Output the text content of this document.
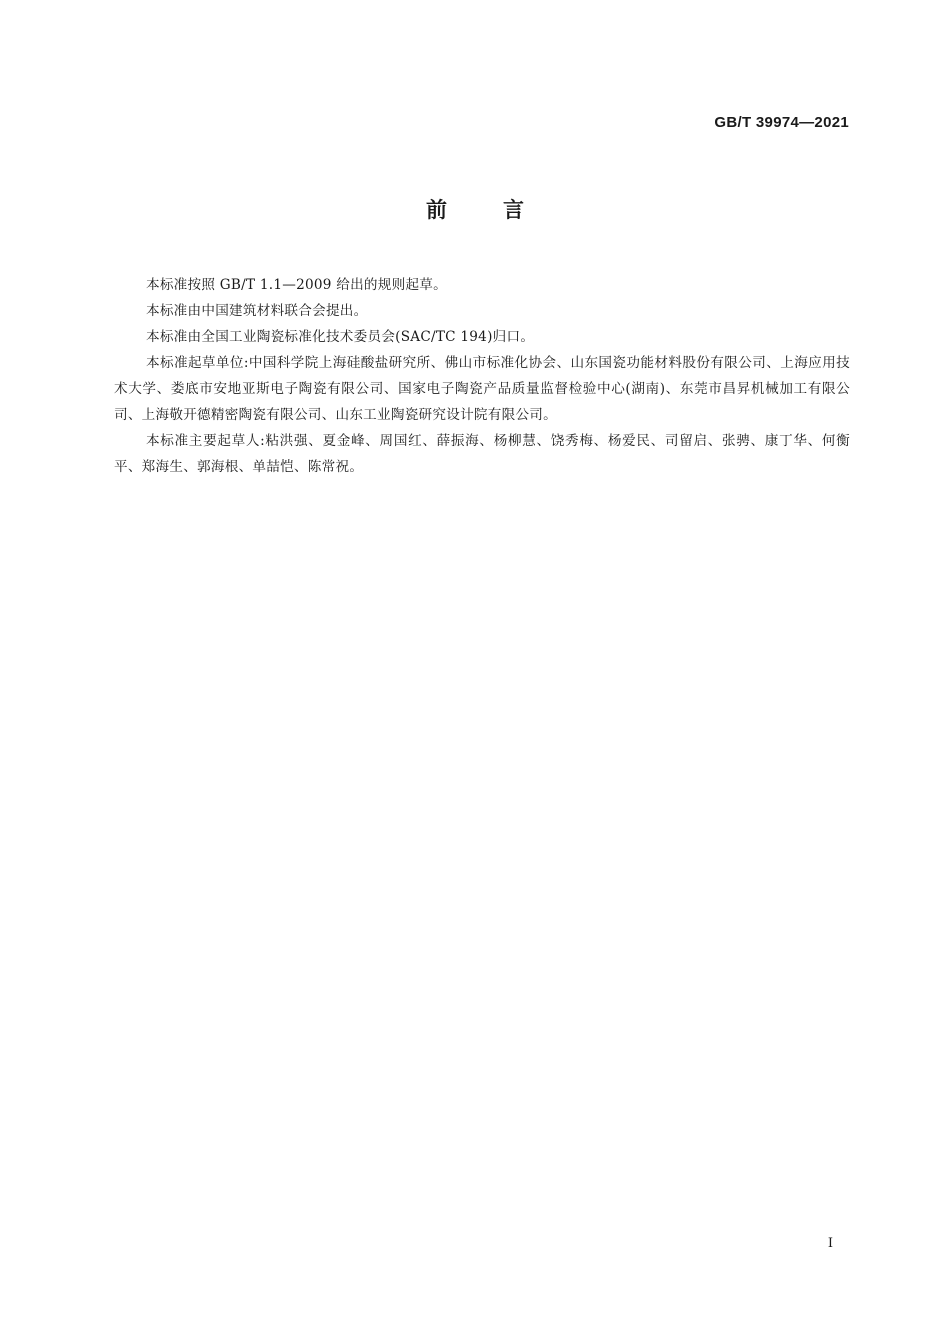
GB/T 39974—2021
前	言

本标准按照 GB/T 1.1—2009 给出的规则起草。

本标准由中国建筑材料联合会提出。

本标准由全国工业陶瓷标准化技术委员会(SAC/TC 194)归口。

本标准起草单位:中国科学院上海硅酸盐研究所、佛山市标准化协会、山东国瓷功能材料股份有限公司、上海应用技术大学、娄底市安地亚斯电子陶瓷有限公司、国家电子陶瓷产品质量监督检验中心(湖南)、东莞市昌昇机械加工有限公司、上海敬开德精密陶瓷有限公司、山东工业陶瓷研究设计院有限公司。

本标准主要起草人:粘洪强、夏金峰、周国红、薛振海、杨柳慧、饶秀梅、杨爱民、司留启、张骋、康丁华、何衡平、郑海生、郭海根、单喆恺、陈常祝。

I
